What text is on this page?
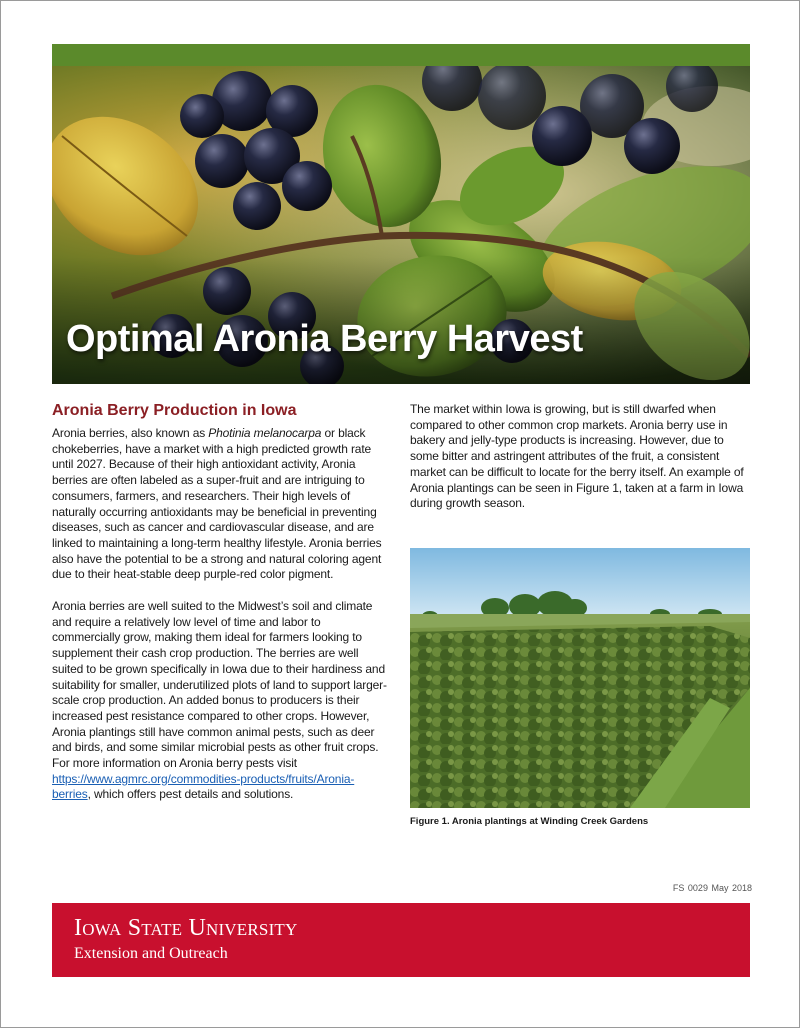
Optimal Aronia Berry Harvest
Aronia Berry Production in Iowa

Aronia berries, also known as Photinia melanocarpa or black chokeberries, have a market with a high predicted growth rate until 2027. Because of their high antioxidant activity, Aronia berries are often labeled as a super-fruit and are intriguing to consumers, farmers, and researchers. Their high levels of naturally occurring antioxidants may be beneficial in preventing diseases, such as cancer and cardiovascular disease, and are linked to maintaining a long-term healthy lifestyle. Aronia berries also have the potential to be a strong and natural coloring agent due to their heat-stable deep purple-red color pigment.

Aronia berries are well suited to the Midwest’s soil and climate and require a relatively low level of time and labor to commercially grow, making them ideal for farmers looking to supplement their cash crop production. The berries are well suited to be grown specifically in Iowa due to their hardiness and suitability for smaller, underutilized plots of land to support larger-scale crop production. An added bonus to producers is their increased pest resistance compared to other crops. However, Aronia plantings still have common animal pests, such as deer and birds, and some similar microbial pests as other fruit crops. For more information on Aronia berry pests visit https://www.agmrc.org/commodities-products/fruits/Aronia-berries, which offers pest details and solutions.

The market within Iowa is growing, but is still dwarfed when compared to other common crop markets. Aronia berry use in bakery and jelly-type products is increasing. However, due to some bitter and astringent attributes of the fruit, a consistent market can be difficult to locate for the berry itself. An example of Aronia plantings can be seen in Figure 1, taken at a farm in Iowa during growth season.

Figure 1. Aronia plantings at Winding Creek Gardens

FS 0029 May 2018

Iowa State University

Extension and Outreach
